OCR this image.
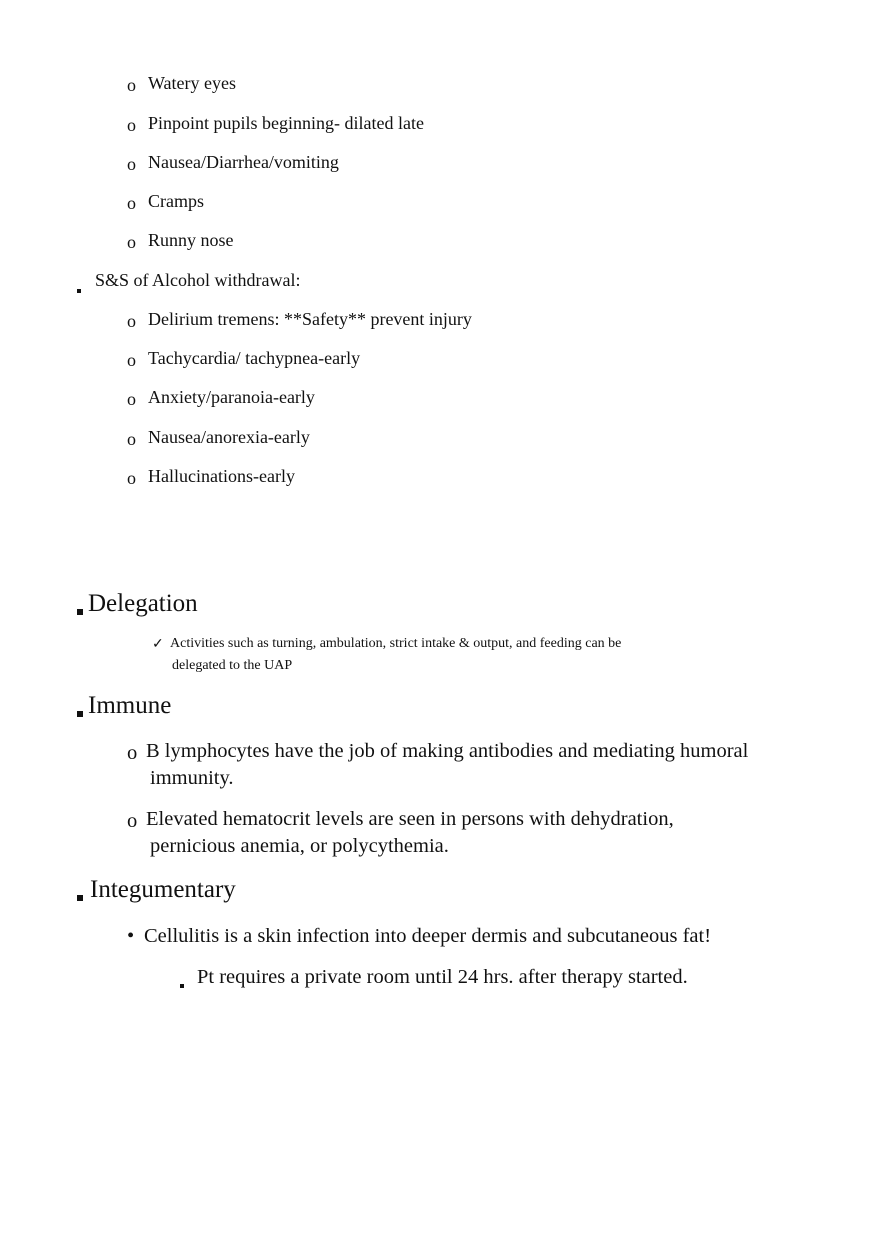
o Watery eyes
o Pinpoint pupils beginning- dilated late
o Nausea/Diarrhea/vomiting
o Cramps
o Runny nose
S&S of Alcohol withdrawal:
o Delirium tremens: **Safety** prevent injury
o Tachycardia/ tachypnea-early
o Anxiety/paranoia-early
o Nausea/anorexia-early
o Hallucinations-early
Delegation
✓ Activities such as turning, ambulation, strict intake & output, and feeding can be
delegated to the UAP
Immune
o B lymphocytes have the job of making antibodies and mediating humoral
immunity.
o Elevated hematocrit levels are seen in persons with dehydration,
pernicious anemia, or polycythemia.
Integumentary
• Cellulitis is a skin infection into deeper dermis and subcutaneous fat!
Pt requires a private room until 24 hrs. after therapy started.
